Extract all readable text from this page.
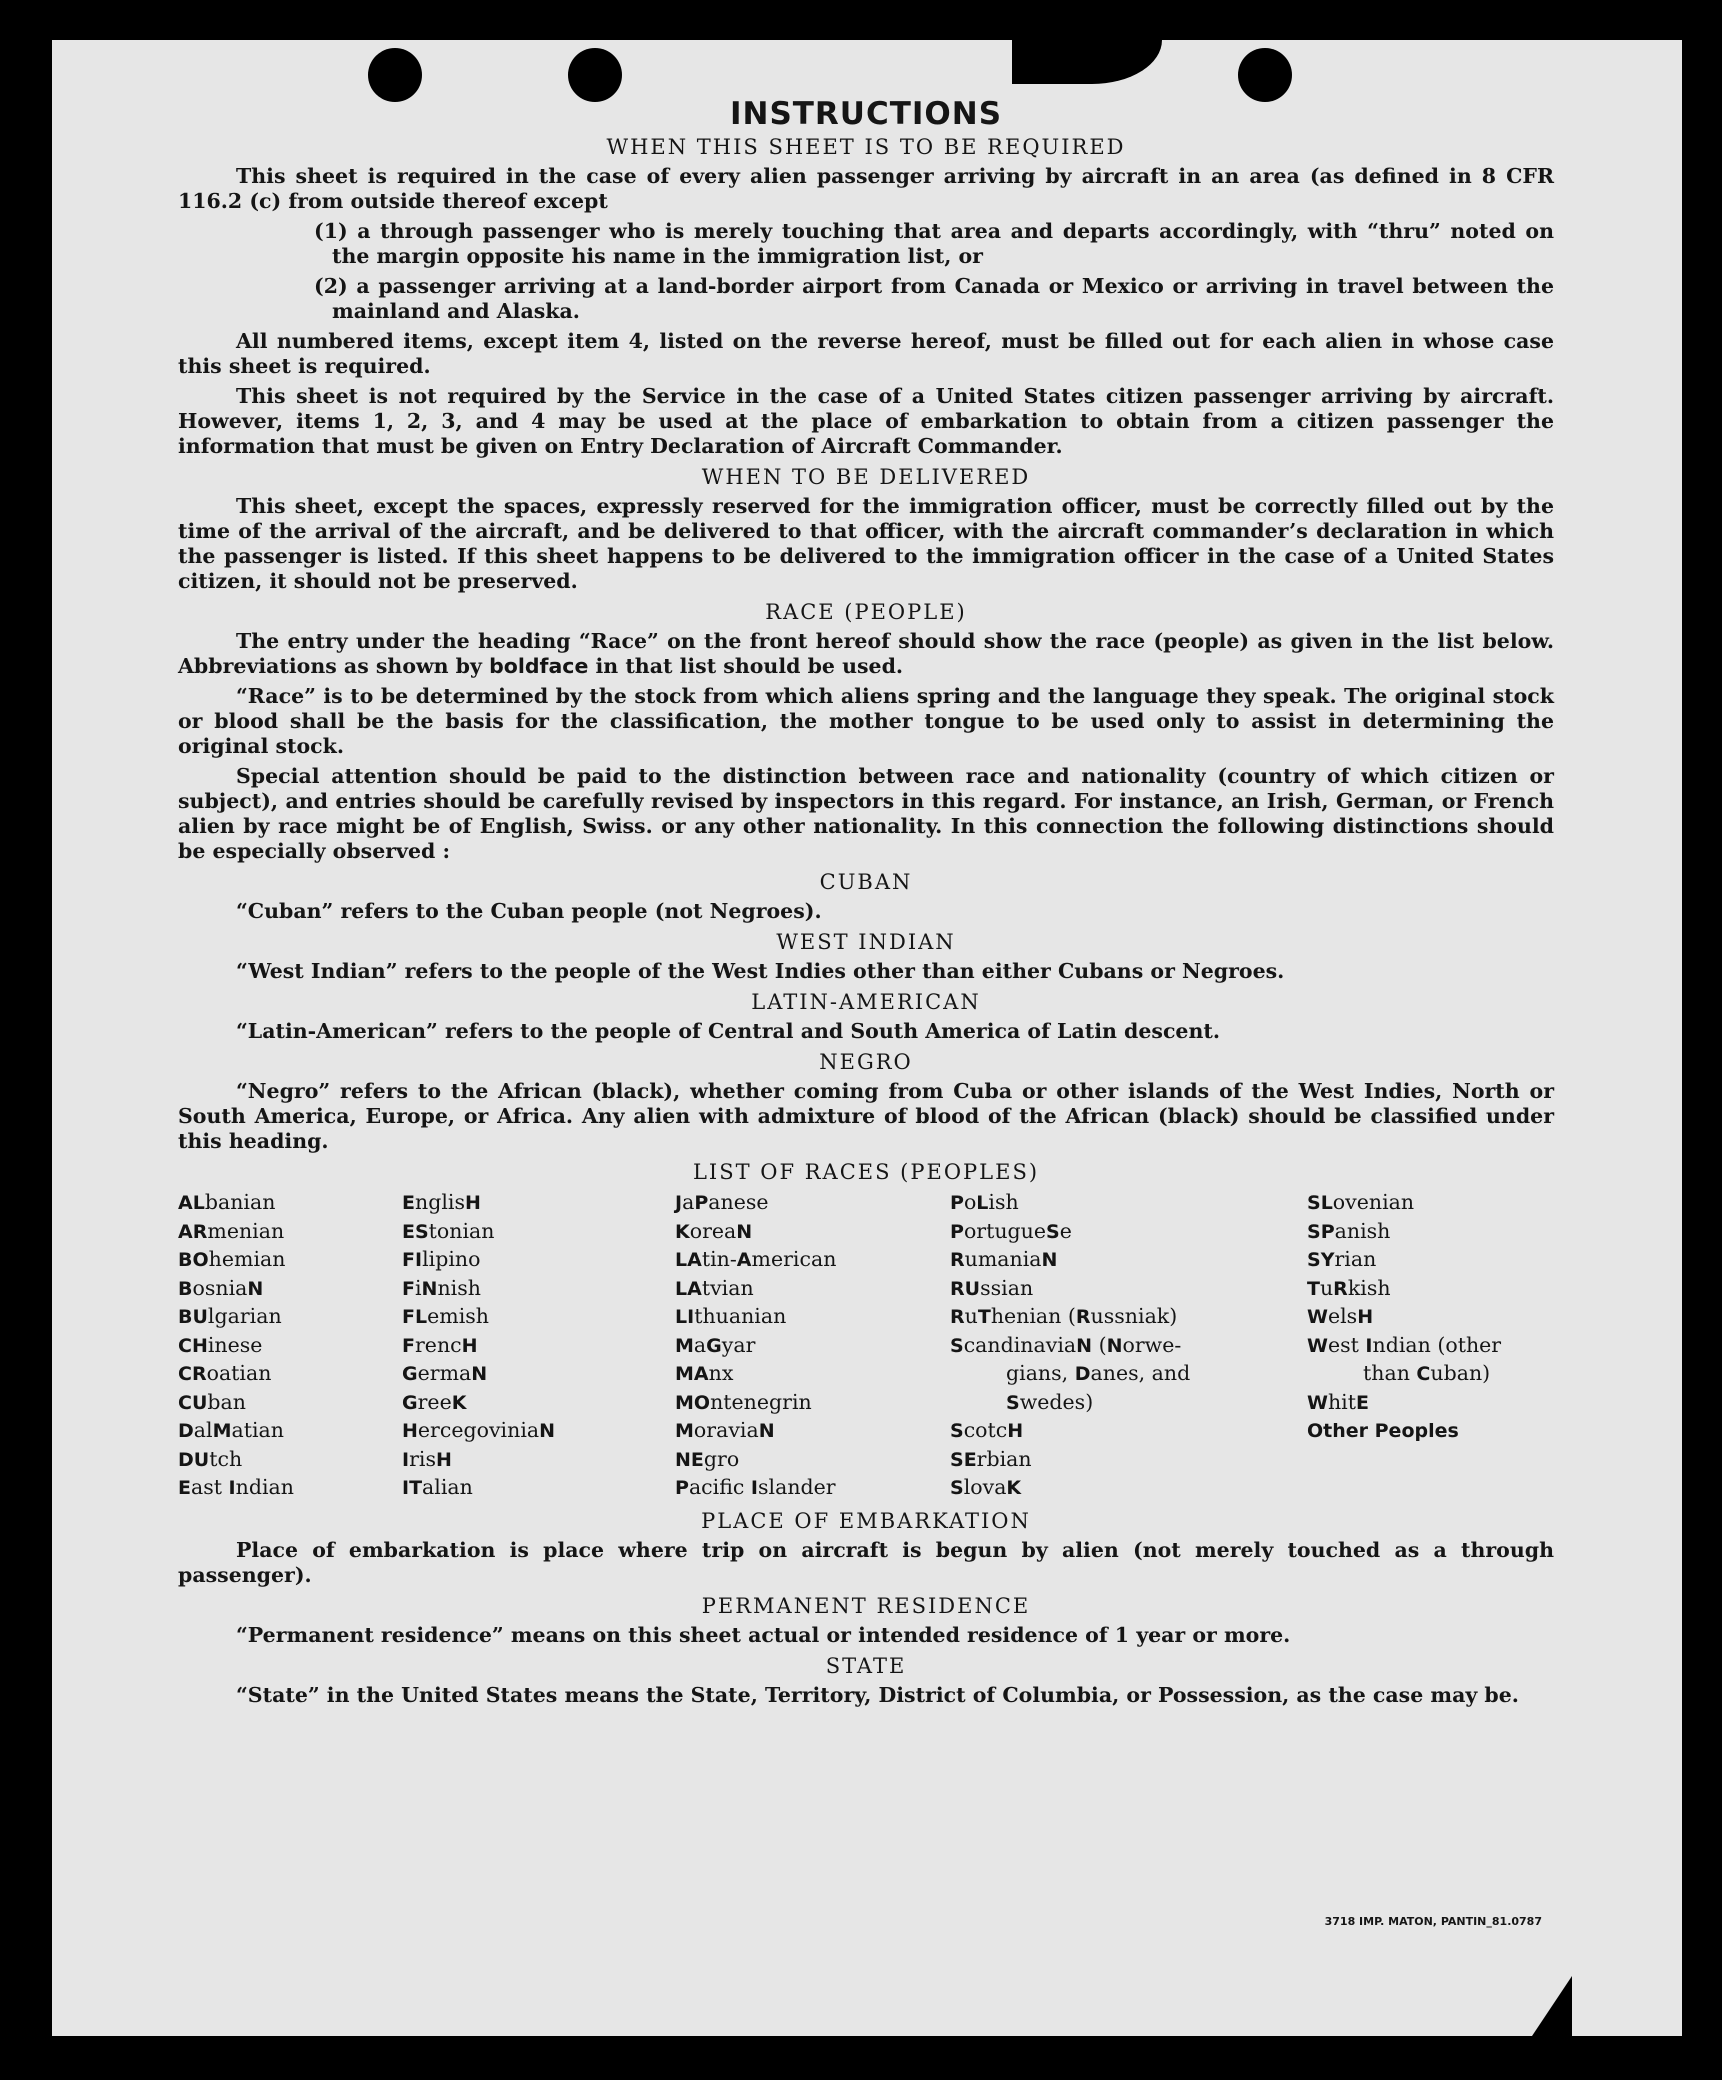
INSTRUCTIONS
WHEN THIS SHEET IS TO BE REQUIRED

This sheet is required in the case of every alien passenger arriving by aircraft in an area (as defined in 8 CFR 116.2 (c) from outside thereof except

(1) a through passenger who is merely touching that area and departs accordingly, with “thru” noted on the margin opposite his name in the immigration list, or
(2) a passenger arriving at a land-border airport from Canada or Mexico or arriving in travel between the mainland and Alaska.

All numbered items, except item 4, listed on the reverse hereof, must be filled out for each alien in whose case this sheet is required.

This sheet is not required by the Service in the case of a United States citizen passenger arriving by aircraft. However, items 1, 2, 3, and 4 may be used at the place of embarkation to obtain from a citizen passenger the information that must be given on Entry Declaration of Aircraft Commander.

WHEN TO BE DELIVERED

This sheet, except the spaces, expressly reserved for the immigration officer, must be correctly filled out by the time of the arrival of the aircraft, and be delivered to that officer, with the aircraft commander’s declaration in which the passenger is listed. If this sheet happens to be delivered to the immigration officer in the case of a United States citizen, it should not be preserved.

RACE (PEOPLE)

The entry under the heading “Race” on the front hereof should show the race (people) as given in the list below. Abbreviations as shown by boldface in that list should be used.

“Race” is to be determined by the stock from which aliens spring and the language they speak. The original stock or blood shall be the basis for the classification, the mother tongue to be used only to assist in determining the original stock.

Special attention should be paid to the distinction between race and nationality (country of which citizen or subject), and entries should be carefully revised by inspectors in this regard. For instance, an Irish, German, or French alien by race might be of English, Swiss. or any other nationality. In this connection the following distinctions should be especially observed :

CUBAN

“Cuban” refers to the Cuban people (not Negroes).

WEST INDIAN

“West Indian” refers to the people of the West Indies other than either Cubans or Negroes.

LATIN-AMERICAN

“Latin-American” refers to the people of Central and South America of Latin descent.

NEGRO

“Negro” refers to the African (black), whether coming from Cuba or other islands of the West Indies, North or South America, Europe, or Africa. Any alien with admixture of blood of the African (black) should be classified under this heading.

LIST OF RACES (PEOPLES)
ALbanian
ARmenian
BOhemian
BosniaN
BUlgarian
CHinese
CRoatian
CUban
DalMatian
DUtch
East Indian
EnglisH
EStonian
FIlipino
FiNnish
FLemish
FrencH
GermaN
GreeK
HercegoviniaN
IrisH
ITalian
JaPanese
KoreaN
LAtin-American
LAtvian
LIthuanian
MaGyar
MAnx
MOntenegrin
MoraviaN
NEgro
Pacifc Islander
PoLish
PortugueSe
RumaniaN
RUssian
RuThenian (Russniak)
ScandinaviaN (Norwe-
gians, Danes, and
Swedes)
ScotcH
SErbian
SlovaK
SLovenian
SPanish
SYrian
TuRkish
WelsH
West Indian (other
than Cuban)
WhitE
Other Peoples
PLACE OF EMBARKATION

Place of embarkation is place where trip on aircraft is begun by alien (not merely touched as a through passenger).

PERMANENT RESIDENCE

“Permanent residence” means on this sheet actual or intended residence of 1 year or more.

STATE

“State” in the United States means the State, Territory, District of Columbia, or Possession, as the case may be.

3718 IMP. MATON, PANTIN_81.0787
